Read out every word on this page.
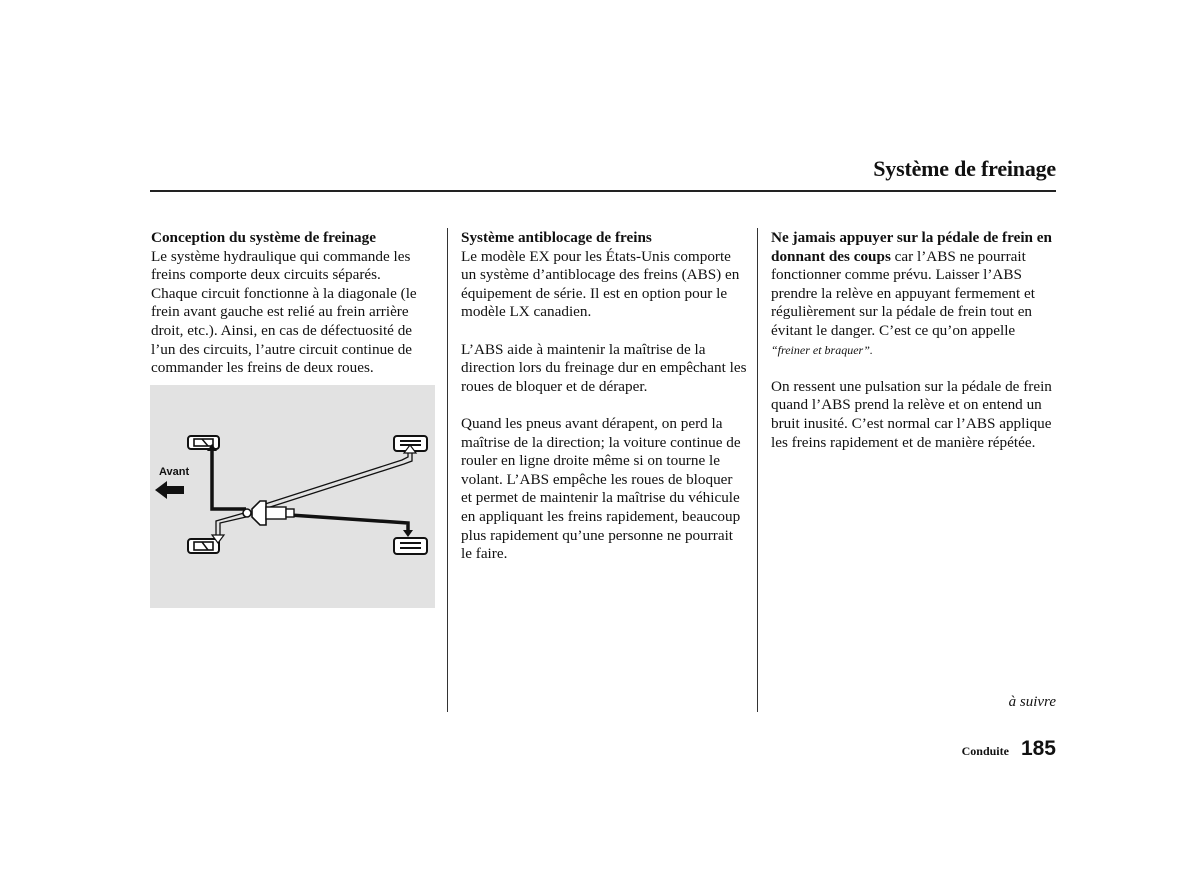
Système de freinage

Conception du système de freinage
Le système hydraulique qui commande les freins comporte deux circuits séparés. Chaque circuit fonctionne à la diagonale (le frein avant gauche est relié au frein arrière droit, etc.). Ainsi, en cas de défectuosité de l’un des circuits, l’autre circuit continue de commander les freins de deux roues.

Avant

Système antiblocage de freins
Le modèle EX pour les États-Unis comporte un système d’antiblocage des freins (ABS) en équipement de série. Il est en option pour le modèle LX canadien.

L’ABS aide à maintenir la maîtrise de la direction lors du freinage dur en empêchant les roues de bloquer et de déraper.

Quand les pneus avant dérapent, on perd la maîtrise de la direction; la voiture continue de rouler en ligne droite même si on tourne le volant. L’ABS empêche les roues de bloquer et permet de maintenir la maîtrise du véhicule en appliquant les freins rapidement, beaucoup plus rapidement qu’une personne ne pourrait le faire.

Ne jamais appuyer sur la pédale de frein en donnant des coups car l’ABS ne pourrait fonctionner comme prévu. Laisser l’ABS prendre la relève en appuyant fermement et régulièrement sur la pédale de frein tout en évitant le danger. C’est ce qu’on appelle
“freiner et braquer”.

On ressent une pulsation sur la pédale de frein quand l’ABS prend la relève et on entend un bruit inusité. C’est normal car l’ABS applique les freins rapidement et de manière répétée.

à suivre
Conduite 185
